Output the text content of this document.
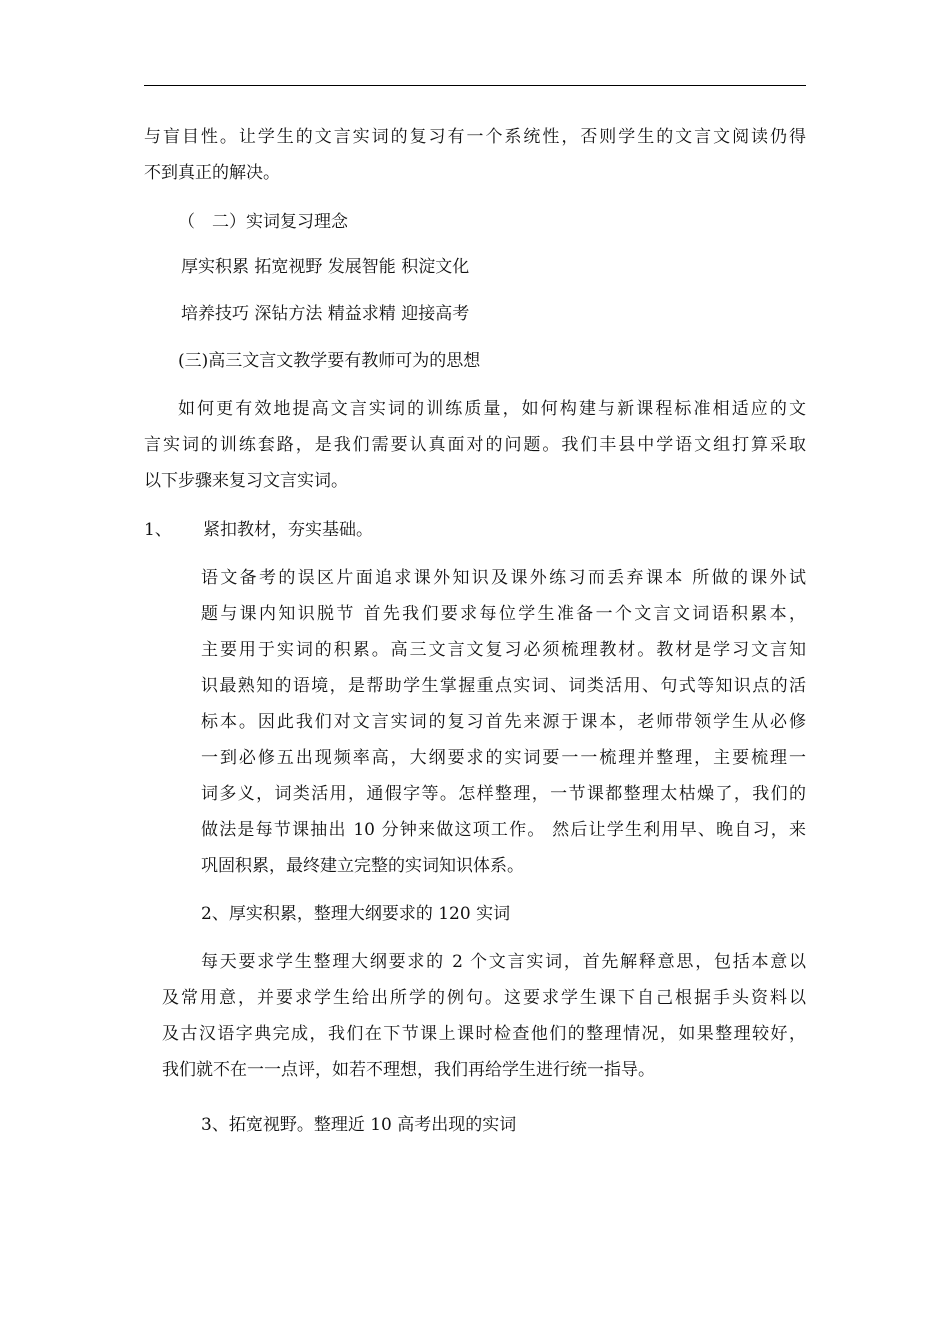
与盲目性。让学生的文言实词的复习有一个系统性，否则学生的文言文阅读仍得
不到真正的解决。
（　二）实词复习理念
厚实积累 拓宽视野 发展智能 积淀文化
培养技巧 深钻方法 精益求精 迎接高考
(三)高三文言文教学要有教师可为的思想
如何更有效地提高文言实词的训练质量，如何构建与新课程标准相适应的文
言实词的训练套路，是我们需要认真面对的问题。我们丰县中学语文组打算采取
以下步骤来复习文言实词。
1、 紧扣教材，夯实基础。
语文备考的误区片面追求课外知识及课外练习而丢弃课本 所做的课外试
题与课内知识脱节 首先我们要求每位学生准备一个文言文词语积累本，
主要用于实词的积累。高三文言文复习必须梳理教材。教材是学习文言知
识最熟知的语境，是帮助学生掌握重点实词、词类活用、句式等知识点的活
标本。因此我们对文言实词的复习首先来源于课本，老师带领学生从必修
一到必修五出现频率高，大纲要求的实词要一一梳理并整理，主要梳理一
词多义，词类活用，通假字等。怎样整理，一节课都整理太枯燥了，我们的
做法是每节课抽出 10 分钟来做这项工作。 然后让学生利用早、晚自习，来
巩固积累，最终建立完整的实词知识体系。
2、厚实积累，整理大纲要求的 120 实词
每天要求学生整理大纲要求的 2 个文言实词，首先解释意思，包括本意以
及常用意，并要求学生给出所学的例句。这要求学生课下自己根据手头资料以
及古汉语字典完成，我们在下节课上课时检查他们的整理情况，如果整理较好，
我们就不在一一点评，如若不理想，我们再给学生进行统一指导。
3、拓宽视野。整理近 10 高考出现的实词
